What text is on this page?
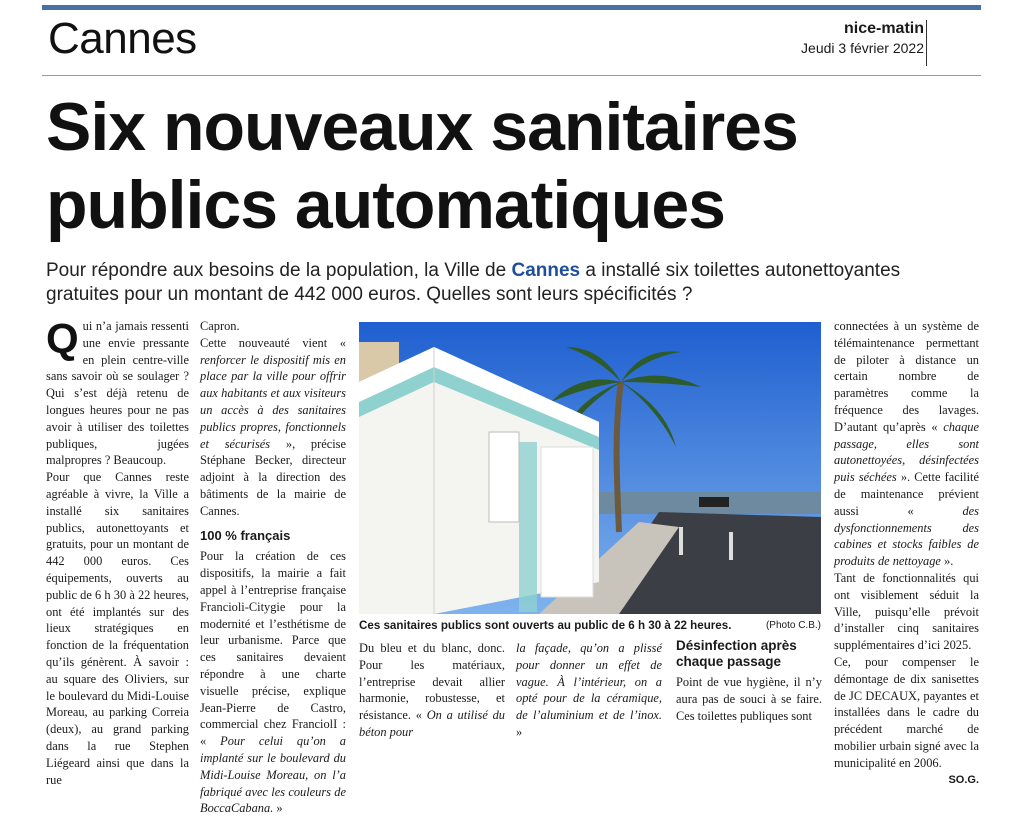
Cannes	nice-matin
Jeudi 3 février 2022
Six nouveaux sanitaires
publics automatiques
Pour répondre aux besoins de la population, la Ville de Cannes a installé six toilettes autonettoyantes gratuites pour un montant de 442 000 euros. Quelles sont leurs spécificités ?

Qui n’a jamais ressenti une envie pressante en plein centre-ville sans savoir où se soulager ? Qui s’est déjà retenu de longues heures pour ne pas avoir à utiliser des toilettes publiques, jugées malpropres ? Beaucoup.

Pour que Cannes reste agréable à vivre, la Ville a installé six sanitaires publics, autonettoyants et gratuits, pour un montant de 442 000 euros. Ces équipements, ouverts au public de 6 h 30 à 22 heures, ont été implantés sur des lieux stratégiques en fonction de la fréquentation qu’ils génèrent. À savoir : au square des Oliviers, sur le boulevard du Midi-Louise Moreau, au parking Correia (deux), au grand parking dans la rue Stephen Liégeard ainsi que dans la rue

Capron.

Cette nouveauté vient « renforcer le dispositif mis en place par la ville pour offrir aux habitants et aux visiteurs un accès à des sanitaires publics propres, fonctionnels et sécurisés », précise Stéphane Becker, directeur adjoint à la direction des bâtiments de la mairie de Cannes.

100 % français

Pour la création de ces dispositifs, la mairie a fait appel à l’entreprise française Francioli-Citygie pour la modernité et l’esthétisme de leur urbanisme. Parce que ces sanitaires devaient répondre à une charte visuelle précise, explique Jean-Pierre de Castro, commercial chez FranciolI : « Pour celui qu’on a implanté sur le boulevard du Midi-Louise Moreau, on l’a fabriqué avec les couleurs de BoccaCabana. »

Ces sanitaires publics sont ouverts au public de 6 h 30 à 22 heures.	(Photo C.B.)

Du bleu et du blanc, donc. Pour les matériaux, l’entreprise devait allier harmonie, robustesse, et résistance. « On a utilisé du béton pour

la façade, qu’on a plissé pour donner un effet de vague. À l’intérieur, on a opté pour de la céramique, de l’aluminium et de l’inox. »

Désinfection après
chaque passage

Point de vue hygiène, il n’y aura pas de souci à se faire. Ces toilettes publiques sont

connectées à un système de télémaintenance permettant de piloter à distance un certain nombre de paramètres comme la fréquence des lavages. D’autant qu’après « chaque passage, elles sont autonettoyées, désinfectées puis séchées ». Cette facilité de maintenance prévient aussi « des dysfonctionnements des cabines et stocks faibles de produits de nettoyage ».

Tant de fonctionnalités qui ont visiblement séduit la Ville, puisqu’elle prévoit d’installer cinq sanitaires supplémentaires d’ici 2025.

Ce, pour compenser le démontage de dix sanisettes de JC DECAUX, payantes et installées dans le cadre du précédent marché de mobilier urbain signé avec la municipalité en 2006.

SO.G.
